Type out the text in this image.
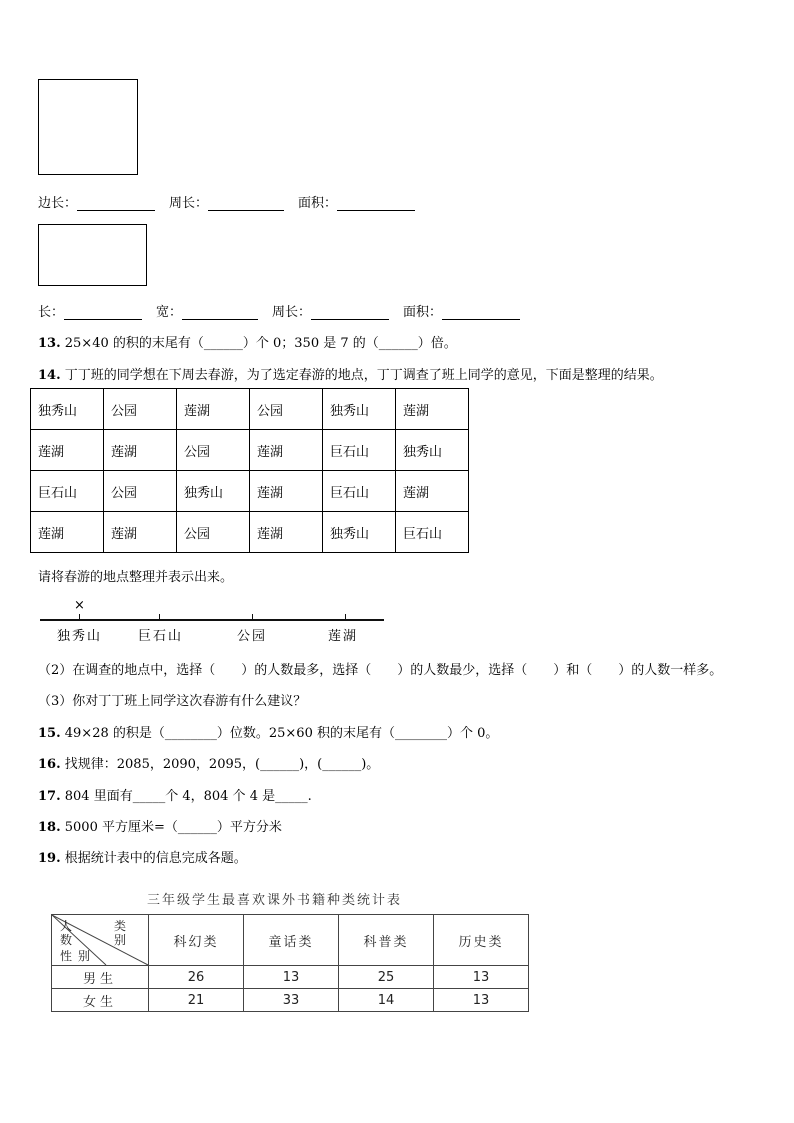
边长：	周长：	面积：
长：	宽：	周长：	面积：
13. 25×40 的积的末尾有（______）个 0；350 是 7 的（______）倍。
14. 丁丁班的同学想在下周去春游，为了选定春游的地点，丁丁调查了班上同学的意见，下面是整理的结果。
独秀山	公园	莲湖	公园	独秀山	莲湖
莲湖	莲湖	公园	莲湖	巨石山	独秀山
巨石山	公园	独秀山	莲湖	巨石山	莲湖
莲湖	莲湖	公园	莲湖	独秀山	巨石山
请将春游的地点整理并表示出来。
×
独秀山	巨石山	公园	莲湖
（2）在调查的地点中，选择（　　）的人数最多，选择（　　）的人数最少，选择（　　）和（　　）的人数一样多。
（3）你对丁丁班上同学这次春游有什么建议？
15. 49×28 的积是（________）位数。25×60 积的末尾有（________）个 0。
16. 找规律：2085，2090，2095，(______)，(______)。
17. 804 里面有_____个 4，804 个 4 是_____.
18. 5000 平方厘米=（______）平方分米
19. 根据统计表中的信息完成各题。
三年级学生最喜欢课外书籍种类统计表
类别
人数
性别	科幻类	童话类	科普类	历史类
男生	26	13	25	13
女生	21	33	14	13
